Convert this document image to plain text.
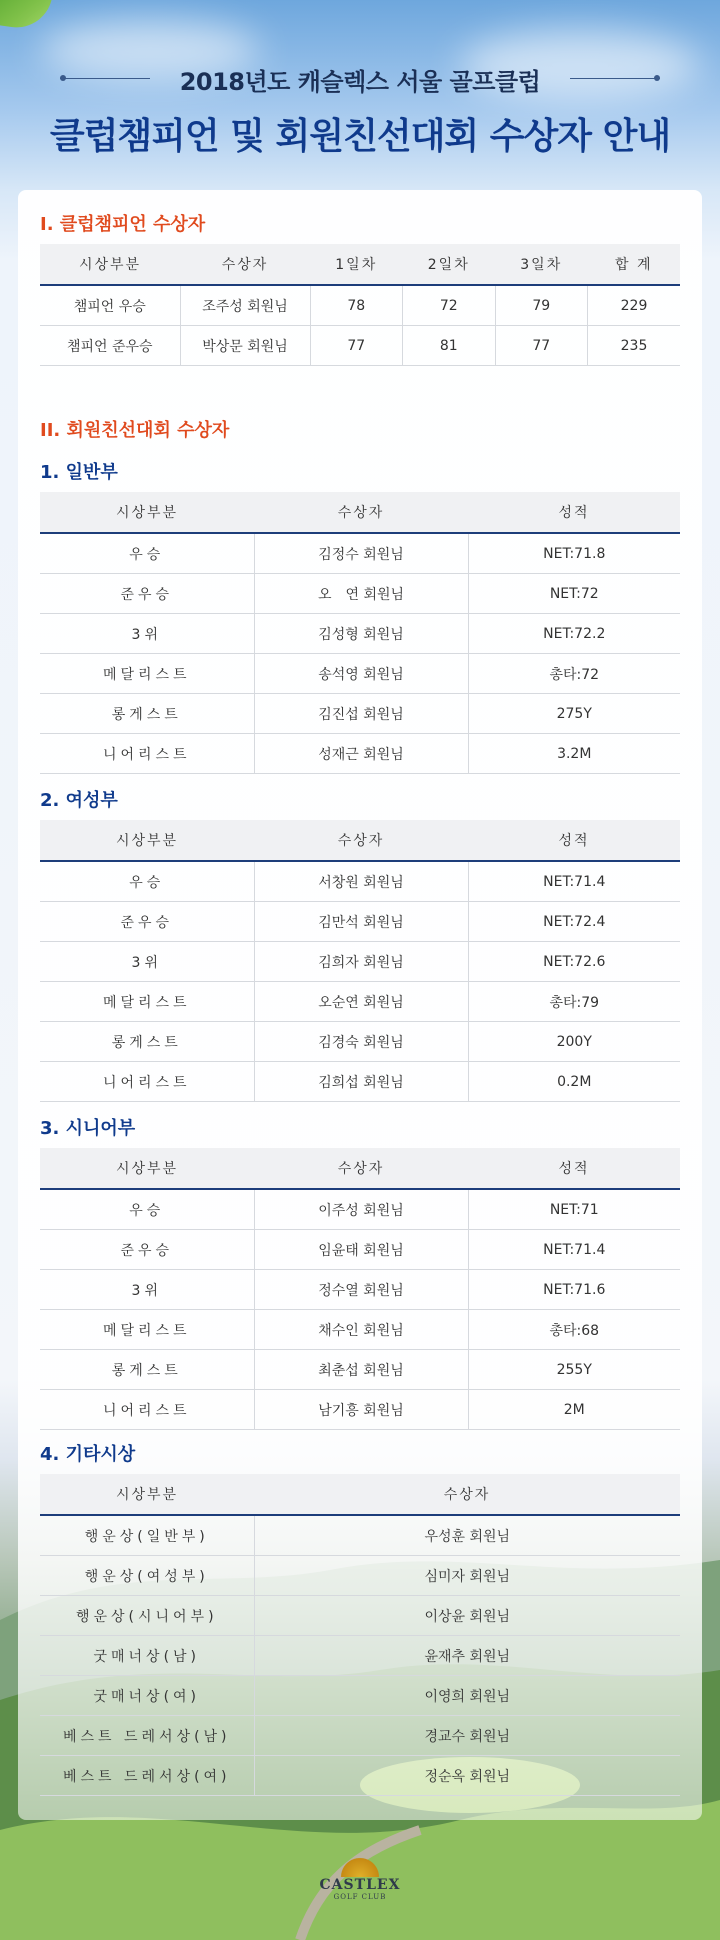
2018년도 캐슬렉스 서울 골프클럽
클럽챔피언 및 회원친선대회 수상자 안내
Ⅰ. 클럽챔피언 수상자
시상부분	수상자	1일차	2일차	3일차	합 계
챔피언 우승	조주성 회원님	78	72	79	229
챔피언 준우승	박상문 회원님	77	81	77	235
II. 회원친선대회 수상자
1. 일반부
시상부분	수상자	성적
우승	김정수 회원님	NET:71.8
준우승	오　연 회원님	NET:72
3위	김성형 회원님	NET:72.2
메달리스트	송석영 회원님	총타:72
롱게스트	김진섭 회원님	275Y
니어리스트	성재근 회원님	3.2M
2. 여성부
시상부분	수상자	성적
우승	서창원 회원님	NET:71.4
준우승	김만석 회원님	NET:72.4
3위	김희자 회원님	NET:72.6
메달리스트	오순연 회원님	총타:79
롱게스트	김경숙 회원님	200Y
니어리스트	김희섭 회원님	0.2M
3. 시니어부
시상부분	수상자	성적
우승	이주성 회원님	NET:71
준우승	임윤태 회원님	NET:71.4
3위	정수열 회원님	NET:71.6
메달리스트	채수인 회원님	총타:68
롱게스트	최춘섭 회원님	255Y
니어리스트	남기흥 회원님	2M
4. 기타시상
시상부분	수상자
행운상(일반부)	우성훈 회원님
행운상(여성부)	심미자 회원님
행운상(시니어부)	이상윤 회원님
굿매너상(남)	윤재추 회원님
굿매너상(여)	이영희 회원님
베스트 드레서상(남)	경교수 회원님
베스트 드레서상(여)	정순옥 회원님
CASTLEX
GOLF CLUB
